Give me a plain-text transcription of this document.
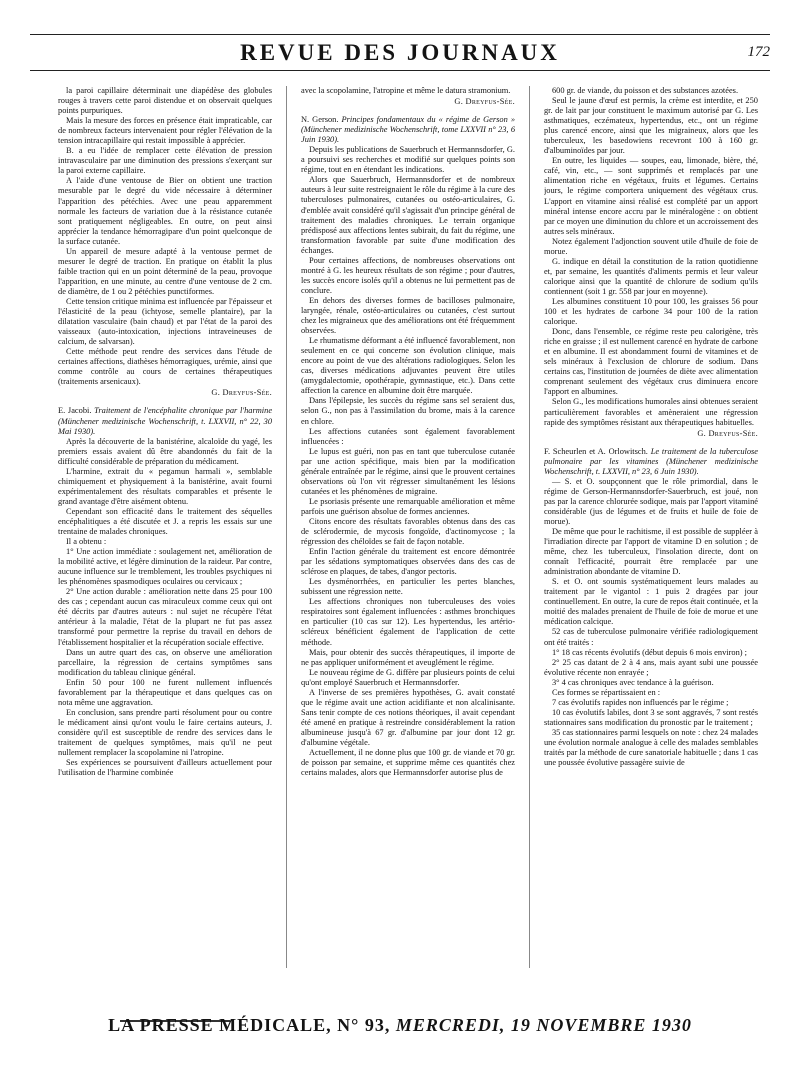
REVUE DES JOURNAUX	172

la paroi capillaire déterminait une diapédèse des globules rouges à travers cette paroi distendue et on observait quelques points purpuriques.

Mais la mesure des forces en présence était impraticable, car de nombreux facteurs intervenaient pour régler l'élévation de la tension intracapillaire qui restait impossible à apprécier.

B. a eu l'idée de remplacer cette élévation de pression intravasculaire par une diminution des pressions s'exerçant sur la paroi externe capillaire.

A l'aide d'une ventouse de Bier on obtient une traction mesurable par le degré du vide nécessaire à déterminer l'apparition des pétéchies. Avec une peau apparemment normale les facteurs de variation due à la résistance cutanée sont pratiquement négligeables. En outre, on peut ainsi apprécier la tendance hémorragipare d'un point quelconque de la surface cutanée.

Un appareil de mesure adapté à la ventouse permet de mesurer le degré de traction. En pratique on établit la plus faible traction qui en un point déterminé de la peau, provoque l'apparition, en une minute, au centre d'une ventouse de 2 cm. de diamètre, de 1 ou 2 pétéchies punctiformes.

Cette tension critique minima est influencée par l'épaisseur et l'élasticité de la peau (ichtyose, semelle plantaire), par la dilatation vasculaire (bain chaud) et par l'état de la paroi des vaisseaux (auto-intoxication, injections intraveineuses de calcium, de salvarsan).

Cette méthode peut rendre des services dans l'étude de certaines affections, diathèses hémorragiques, urémie, ainsi que comme contrôle au cours de certaines thérapeutiques (traitements arsenicaux).

G. Dreyfus-Sée.

E. Jacobi. Traitement de l'encéphalite chronique par l'harmine (Münchener medizinische Wochenschrift, t. LXXVII, n° 22, 30 Mai 1930).

Après la découverte de la banistérine, alcaloïde du yagé, les premiers essais avaient dû être abandonnés du fait de la difficulté considérable de préparation du médicament.

L'harmine, extrait du « pegamun harmali », semblable chimiquement et physiquement à la banistérine, avait fourni expérimentalement des résultats comparables et présente le grand avantage d'être aisément obtenu.

Cependant son efficacité dans le traitement des séquelles encéphalitiques a été discutée et J. a repris les essais sur une trentaine de malades chroniques.

Il a obtenu :

1° Une action immédiate : soulagement net, amélioration de la mobilité active, et légère diminution de la raideur. Par contre, aucune influence sur le tremblement, les troubles psychiques ni les phénomènes spasmodiques oculaires ou cervicaux ;

2° Une action durable : amélioration nette dans 25 pour 100 des cas ; cependant aucun cas miraculeux comme ceux qui ont été décrits par d'autres auteurs : nul sujet ne récupère l'état antérieur à la maladie, l'état de la plupart ne fut pas assez transformé pour permettre la reprise du travail en dehors de l'établissement hospitalier et la récupération sociale effective.

Dans un autre quart des cas, on observe une amélioration parcellaire, la régression de certains symptômes sans modification du tableau clinique général.

Enfin 50 pour 100 ne furent nullement influencés favorablement par la thérapeutique et dans quelques cas on nota même une aggravation.

En conclusion, sans prendre parti résolument pour ou contre le médicament ainsi qu'ont voulu le faire certains auteurs, J. considère qu'il est susceptible de rendre des services dans le traitement de quelques symptômes, mais qu'il ne peut nullement remplacer la scopolamine ni l'atropine.

Ses expériences se poursuivent d'ailleurs actuellement pour l'utilisation de l'harmine combinée

avec la scopolamine, l'atropine et même le datura stramonium.

G. Dreyfus-Sée.

N. Gerson. Principes fondamentaux du « régime de Gerson » (Münchener medizinische Wochenschrift, tome LXXVII n° 23, 6 Juin 1930).

Depuis les publications de Sauerbruch et Hermannsdorfer, G. a poursuivi ses recherches et modifié sur quelques points son régime, tout en en étendant les indications.

Alors que Sauerbruch, Hermannsdorfer et de nombreux auteurs à leur suite restreignaient le rôle du régime à la cure des tuberculoses pulmonaires, cutanées ou ostéo-articulaires, G. d'emblée avait considéré qu'il s'agissait d'un principe général de traitement des maladies chroniques. Le terrain organique prédisposé aux affections lentes subirait, du fait du régime, une transformation favorable par suite d'une modification des échanges.

Pour certaines affections, de nombreuses observations ont montré à G. les heureux résultats de son régime ; pour d'autres, les succès encore isolés qu'il a obtenus ne lui permettent pas de conclure.

En dehors des diverses formes de bacilloses pulmonaire, laryngée, rénale, ostéo-articulaires ou cutanées, c'est surtout chez les migraineux que des améliorations ont été fréquemment observées.

Le rhumatisme déformant a été influencé favorablement, non seulement en ce qui concerne son évolution clinique, mais encore au point de vue des altérations radiologiques. Selon les cas, diverses médications adjuvantes peuvent être utiles (amygdalectomie, opothérapie, gymnastique, etc.). Dans cette affection la carence en albumine doit être marquée.

Dans l'épilepsie, les succès du régime sans sel seraient dus, selon G., non pas à l'assimilation du brome, mais à la carence en chlore.

Les affections cutanées sont également favorablement influencées :

Le lupus est guéri, non pas en tant que tuberculose cutanée par une action spécifique, mais bien par la modification générale entraînée par le régime, ainsi que le prouvent certaines observations où l'on vit régresser simultanément les lésions cutanées et les phénomènes de migraine.

Le psoriasis présente une remarquable amélioration et même parfois une guérison absolue de formes anciennes.

Citons encore des résultats favorables obtenus dans des cas de sclérodermie, de mycosis fongoïde, d'actinomycose ; la régression des chéloïdes se fait de façon notable.

Enfin l'action générale du traitement est encore démontrée par les sédations symptomatiques observées dans des cas de sclérose en plaques, de tabes, d'angor pectoris.

Les dysménorrhées, en particulier les pertes blanches, subissent une régression nette.

Les affections chroniques non tuberculeuses des voies respiratoires sont également influencées : asthmes bronchiques en particulier (10 cas sur 12). Les hypertendus, les artério-scléreux bénéficient également de l'application de cette méthode.

Mais, pour obtenir des succès thérapeutiques, il importe de ne pas appliquer uniformément et aveuglément le régime.

Le nouveau régime de G. diffère par plusieurs points de celui qu'ont employé Sauerbruch et Hermannsdorfer.

A l'inverse de ses premières hypothèses, G. avait constaté que le régime avait une action acidifiante et non alcalinisante. Sans tenir compte de ces notions théoriques, il avait cependant été amené en pratique à restreindre considérablement la ration albumineuse jusqu'à 67 gr. d'albumine par jour dont 12 gr. d'albumine végétale.

Actuellement, il ne donne plus que 100 gr. de viande et 70 gr. de poisson par semaine, et supprime même ces quantités chez certains malades, alors que Hermannsdorfer autorise plus de

600 gr. de viande, du poisson et des substances azotées.

Seul le jaune d'œuf est permis, la crème est interdite, et 250 gr. de lait par jour constituent le maximum autorisé par G. Les asthmatiques, eczémateux, hypertendus, etc., ont un régime plus carencé encore, ainsi que les migraineux, alors que les tuberculeux, les basedowiens recevront 100 à 160 gr. d'albuminoïdes par jour.

En outre, les liquides — soupes, eau, limonade, bière, thé, café, vin, etc., — sont supprimés et remplacés par une alimentation riche en végétaux, fruits et légumes. Certains jours, le régime comportera uniquement des végétaux crus. L'apport en vitamine ainsi réalisé est complété par un apport minéral intense encore accru par le minéralogène : on obtient par ce moyen une diminution du chlore et un accroissement des autres sels minéraux.

Notez également l'adjonction souvent utile d'huile de foie de morue.

G. indique en détail la constitution de la ration quotidienne et, par semaine, les quantités d'aliments permis et leur valeur calorique ainsi que la quantité de chlorure de sodium qu'ils contiennent (soit 1 gr. 558 par jour en moyenne).

Les albumines constituent 10 pour 100, les graisses 56 pour 100 et les hydrates de carbone 34 pour 100 de la ration calorique.

Donc, dans l'ensemble, ce régime reste peu calorigène, très riche en graisse ; il est nullement carencé en hydrate de carbone et en albumine. Il est abondamment fourni de vitamines et de sels minéraux à l'exclusion de chlorure de sodium. Dans certains cas, l'institution de journées de diète avec alimentation comprenant seulement des végétaux crus diminuera encore l'apport en albumines.

Selon G., les modifications humorales ainsi obtenues seraient particulièrement favorables et amèneraient une régression rapide des symptômes résistant aux thérapeutiques habituelles.

G. Dreyfus-Sée.

F. Scheurlen et A. Orlowitsch. Le traitement de la tuberculose pulmonaire par les vitamines (Münchener medizinische Wochenschrift, t. LXXVII, n° 23, 6 Juin 1930).

— S. et O. soupçonnent que le rôle primordial, dans le régime de Gerson-Hermannsdorfer-Sauerbruch, est joué, non pas par la carence chlorurée sodique, mais par l'apport vitaminé considérable (jus de légumes et de fruits et huile de foie de morue).

De même que pour le rachitisme, il est possible de suppléer à l'irradiation directe par l'apport de vitamine D en solution ; de même, chez les tuberculeux, l'insolation directe, dont on connaît l'efficacité, pourrait être remplacée par une administration abondante de vitamine D.

S. et O. ont soumis systématiquement leurs malades au traitement par le vigantol : 1 puis 2 dragées par jour continuellement. En outre, la cure de repos était continuée, et la moitié des malades prenaient de l'huile de foie de morue et une médication calcique.

52 cas de tuberculose pulmonaire vérifiée radiologiquement ont été traités :

1° 18 cas récents évolutifs (début depuis 6 mois environ) ;

2° 25 cas datant de 2 à 4 ans, mais ayant subi une poussée évolutive récente non enrayée ;

3° 4 cas chroniques avec tendance à la guérison.

Ces formes se répartissaient en :

7 cas évolutifs rapides non influencés par le régime ;

10 cas évolutifs labiles, dont 3 se sont aggravés, 7 sont restés stationnaires sans modification du pronostic par le traitement ;

35 cas stationnaires parmi lesquels on note : chez 24 malades une évolution normale analogue à celle des malades semblables traités par la méthode de cure sanatoriale habituelle ; dans 1 cas une poussée évolutive passagère suivie de

LA PRESSE MÉDICALE, N° 93, MERCREDI, 19 NOVEMBRE 1930
